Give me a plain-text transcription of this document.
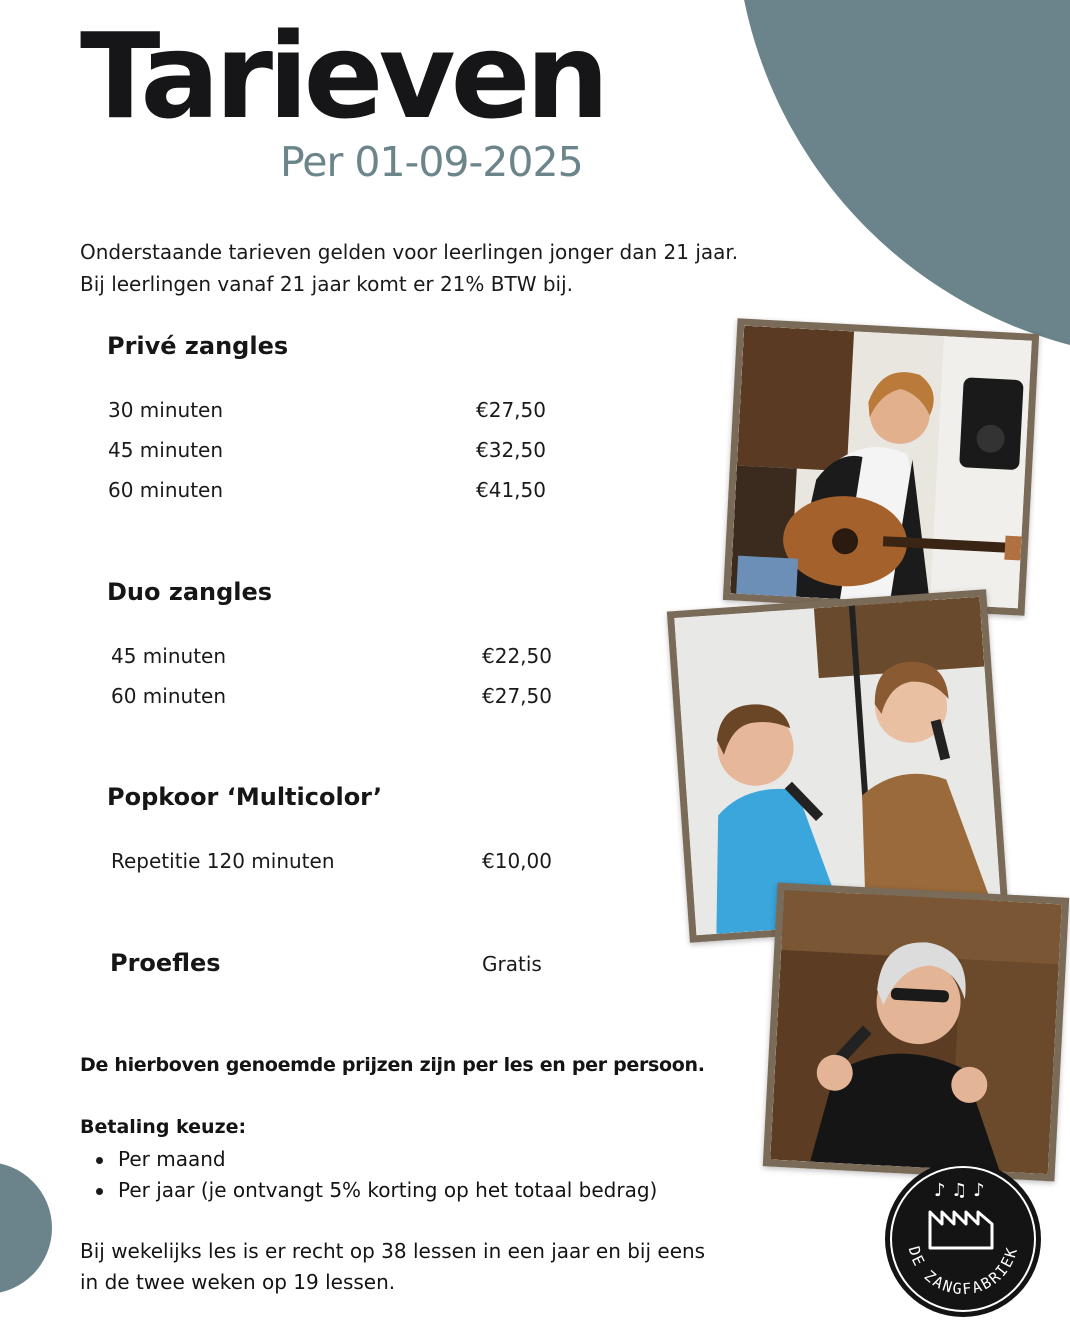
Tarieven
Per 01-09-2025
Onderstaande tarieven gelden voor leerlingen jonger dan 21 jaar.
Bij leerlingen vanaf 21 jaar komt er 21% BTW bij.
Privé zangles
30 minuten	€27,50
45 minuten	€32,50
60 minuten	€41,50
Duo zangles
45 minuten	€22,50
60 minuten	€27,50
Popkoor ‘Multicolor’
Repetitie 120 minuten	€10,00
Proefles	Gratis
De hierboven genoemde prijzen zijn per les en per persoon.
Betaling keuze:
Per maand
Per jaar (je ontvangt 5% korting op het totaal bedrag)
Bij wekelijks les is er recht op 38 lessen in een jaar en bij eens
in de twee weken op 19 lessen.
♪ ♫ ♪
DE ZANGFABRIEK
